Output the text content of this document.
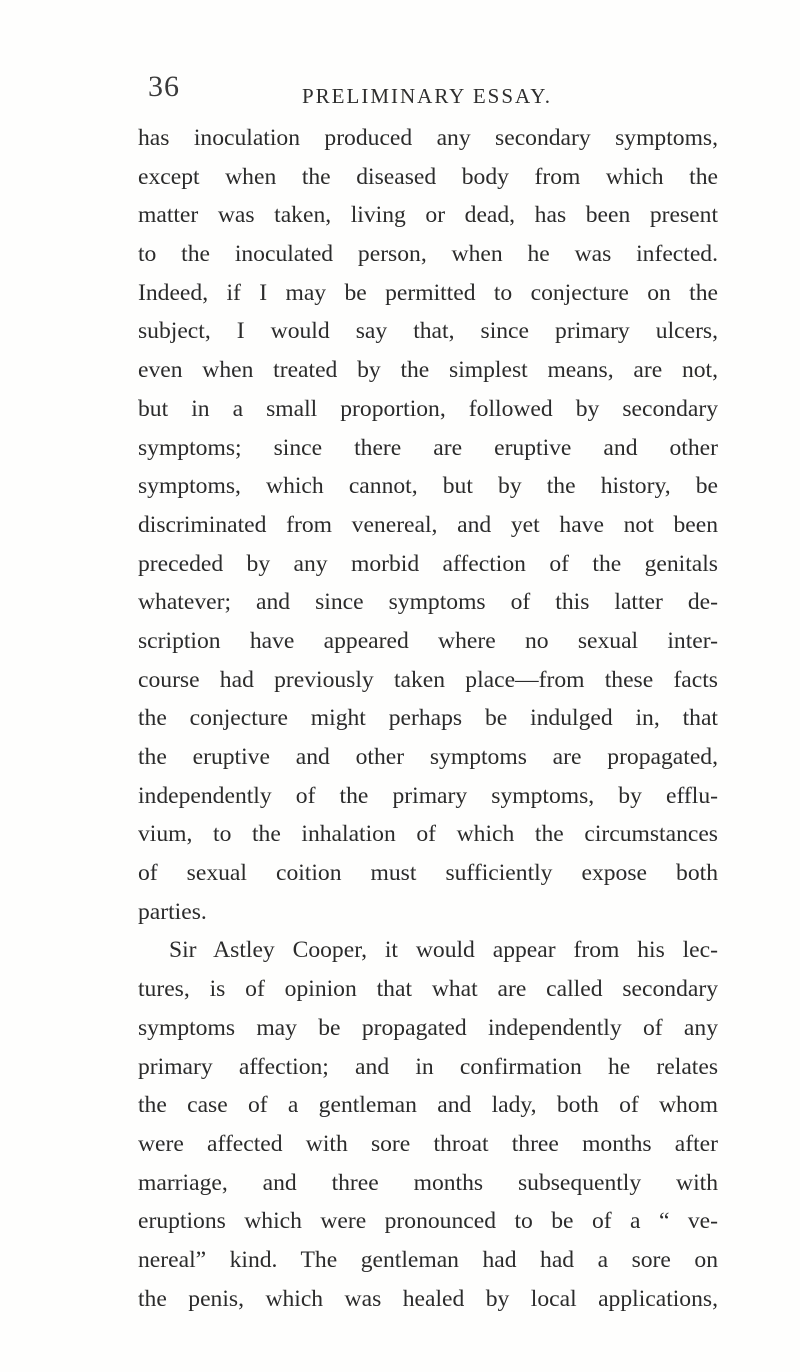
36	PRELIMINARY ESSAY.
has inoculation produced any secondary symptoms,
except when the diseased body from which the
matter was taken, living or dead, has been present
to the inoculated person, when he was infected.
Indeed, if I may be permitted to conjecture on the
subject, I would say that, since primary ulcers,
even when treated by the simplest means, are not,
but in a small proportion, followed by secondary
symptoms; since there are eruptive and other
symptoms, which cannot, but by the history, be
discriminated from venereal, and yet have not been
preceded by any morbid affection of the genitals
whatever; and since symptoms of this latter de-
scription have appeared where no sexual inter-
course had previously taken place—from these facts
the conjecture might perhaps be indulged in, that
the eruptive and other symptoms are propagated,
independently of the primary symptoms, by efflu-
vium, to the inhalation of which the circumstances
of sexual coition must sufficiently expose both
parties.
Sir Astley Cooper, it would appear from his lec-
tures, is of opinion that what are called secondary
symptoms may be propagated independently of any
primary affection; and in confirmation he relates
the case of a gentleman and lady, both of whom
were affected with sore throat three months after
marriage, and three months subsequently with
eruptions which were pronounced to be of a “ ve-
nereal” kind. The gentleman had had a sore on
the penis, which was healed by local applications,
